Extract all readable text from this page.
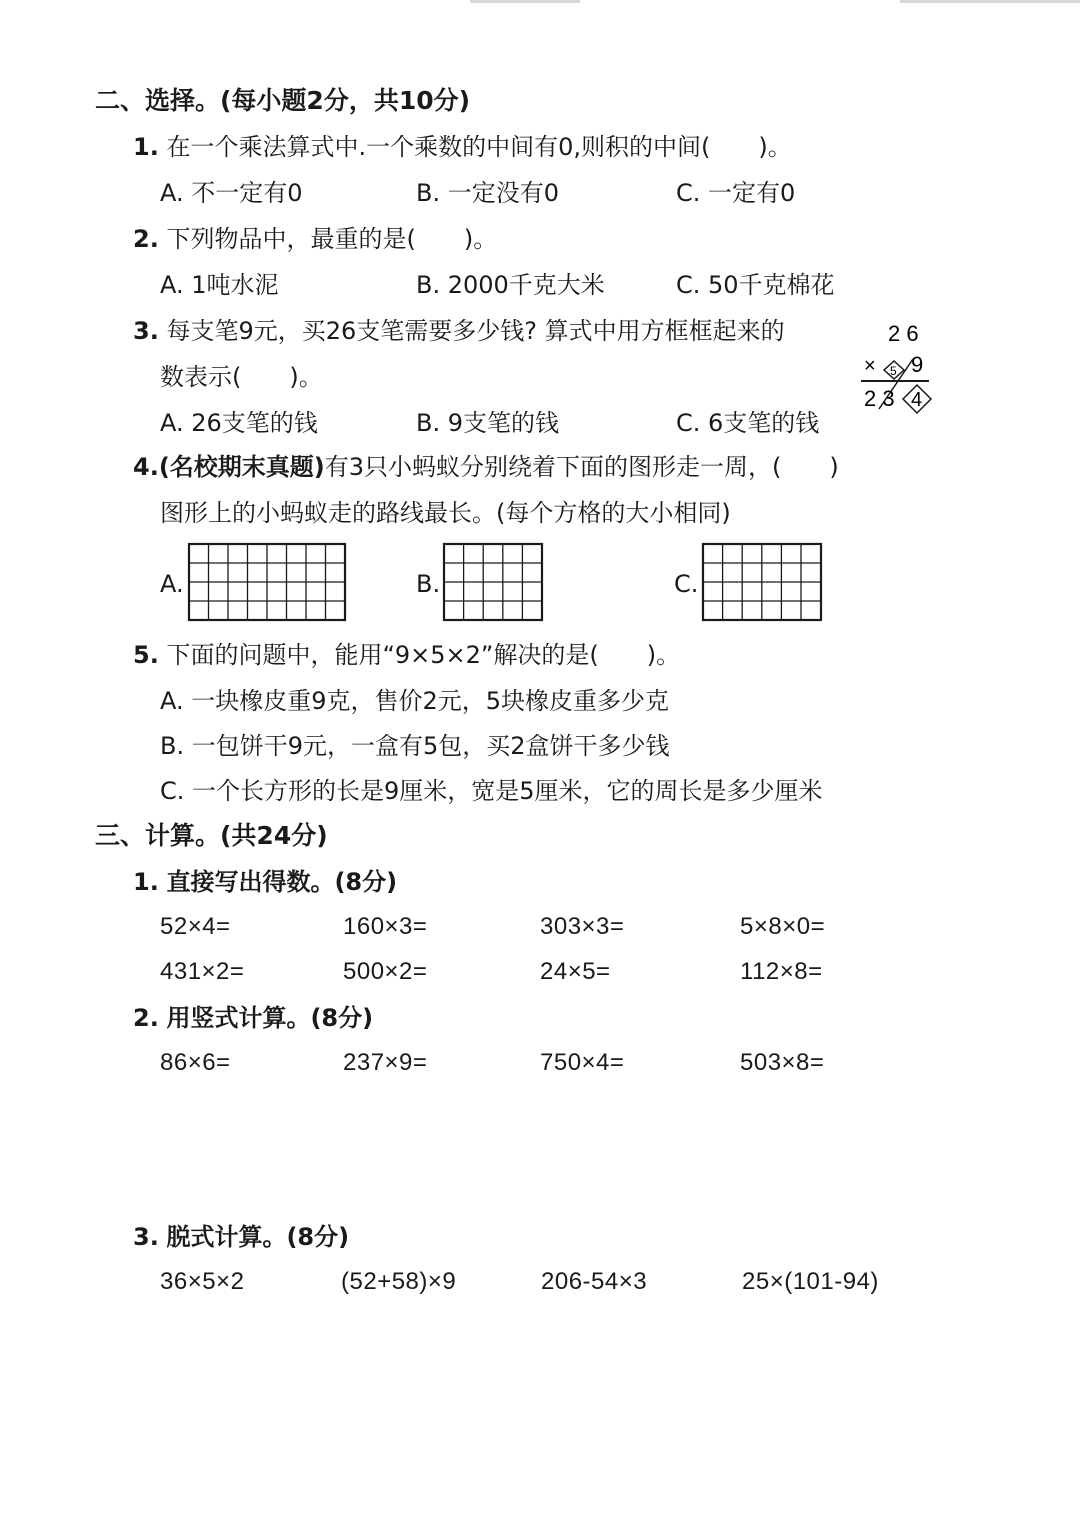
二、选择。(每小题2分，共10分)
1. 在一个乘法算式中.一个乘数的中间有0,则积的中间(　　)。
A. 不一定有0	B. 一定没有0	C. 一定有0
2. 下列物品中，最重的是(　　)。
A. 1吨水泥	B. 2000千克大米	C. 50千克棉花
3. 每支笔9元，买26支笔需要多少钱? 算式中用方框框起来的
数表示(　　)。
A. 26支笔的钱	B. 9支笔的钱	C. 6支笔的钱
2 6
× 5 9
2 3 4
4.(名校期末真题)有3只小蚂蚁分别绕着下面的图形走一周，(　　)
图形上的小蚂蚁走的路线最长。(每个方格的大小相同)
A.	B.	C.
5. 下面的问题中，能用“9×5×2”解决的是(　　)。
A. 一块橡皮重9克，售价2元，5块橡皮重多少克
B. 一包饼干9元，一盒有5包，买2盒饼干多少钱
C. 一个长方形的长是9厘米，宽是5厘米，它的周长是多少厘米
三、计算。(共24分)
1. 直接写出得数。(8分)
52×4=	160×3=	303×3=	5×8×0=
431×2=	500×2=	24×5=	112×8=
2. 用竖式计算。(8分)
86×6=	237×9=	750×4=	503×8=
3. 脱式计算。(8分)
36×5×2	(52+58)×9	206-54×3	25×(101-94)
